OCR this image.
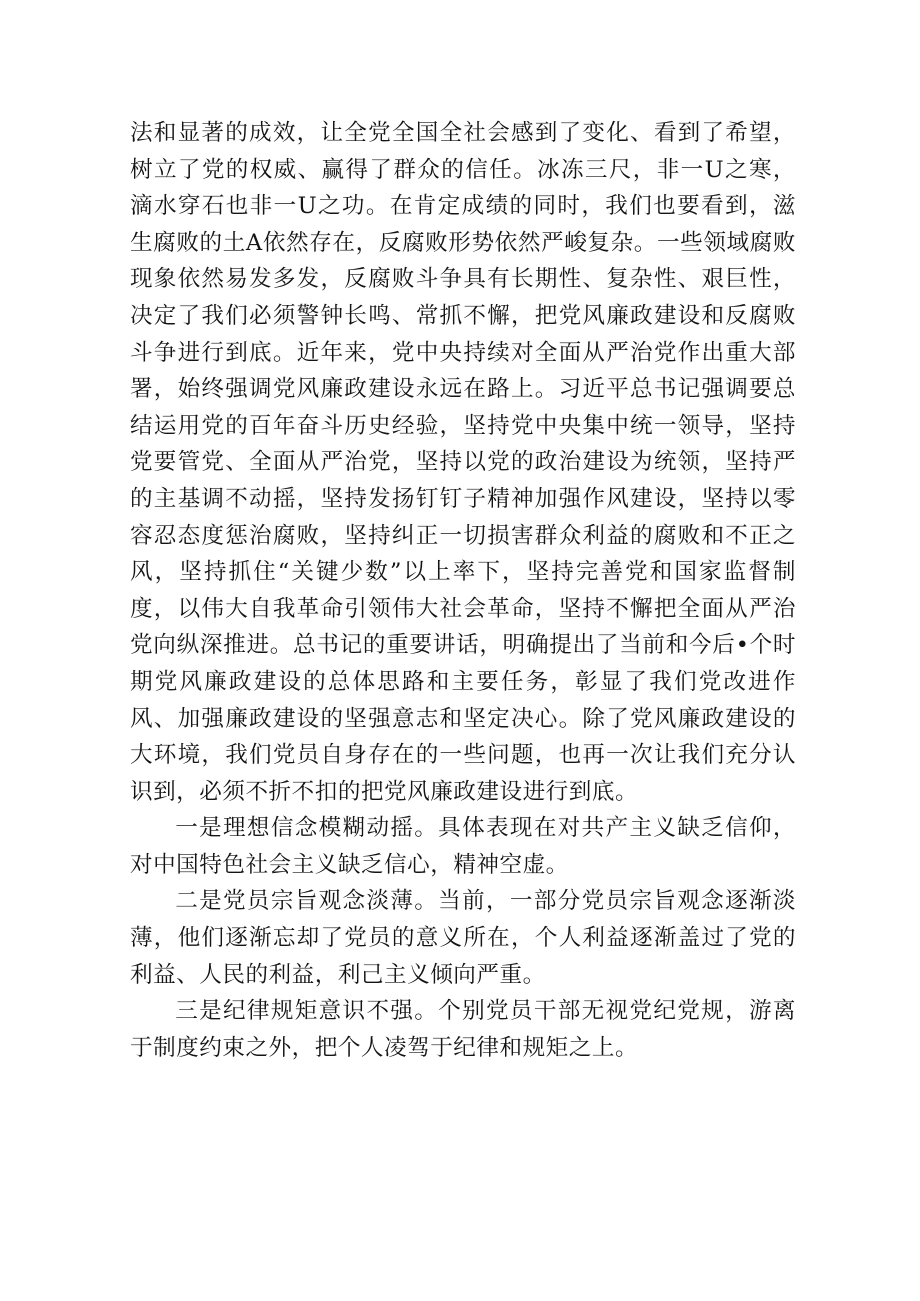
法和显著的成效，让全党全国全社会感到了变化、看到了希望，树立了党的权威、赢得了群众的信任。冰冻三尺，非一U之寒，滴水穿石也非一U之功。在肯定成绩的同时，我们也要看到，滋生腐败的土A依然存在，反腐败形势依然严峻复杂。一些领域腐败现象依然易发多发，反腐败斗争具有长期性、复杂性、艰巨性，决定了我们必须警钟长鸣、常抓不懈，把党风廉政建设和反腐败斗争进行到底。近年来，党中央持续对全面从严治党作出重大部署，始终强调党风廉政建设永远在路上。习近平总书记强调要总结运用党的百年奋斗历史经验，坚持党中央集中统一领导，坚持党要管党、全面从严治党，坚持以党的政治建设为统领，坚持严的主基调不动摇，坚持发扬钉钉子精神加强作风建设，坚持以零容忍态度惩治腐败，坚持纠正一切损害群众利益的腐败和不正之风，坚持抓住“关键少数”以上率下，坚持完善党和国家监督制度，以伟大自我革命引领伟大社会革命，坚持不懈把全面从严治党向纵深推进。总书记的重要讲话，明确提出了当前和今后•个时期党风廉政建设的总体思路和主要任务，彰显了我们党改进作风、加强廉政建设的坚强意志和坚定决心。除了党风廉政建设的大环境，我们党员自身存在的一些问题，也再一次让我们充分认识到，必须不折不扣的把党风廉政建设进行到底。

一是理想信念模糊动摇。具体表现在对共产主义缺乏信仰，对中国特色社会主义缺乏信心，精神空虚。

二是党员宗旨观念淡薄。当前，一部分党员宗旨观念逐渐淡薄，他们逐渐忘却了党员的意义所在，个人利益逐渐盖过了党的利益、人民的利益，利己主义倾向严重。

三是纪律规矩意识不强。个别党员干部无视党纪党规，游离于制度约束之外，把个人凌驾于纪律和规矩之上。
